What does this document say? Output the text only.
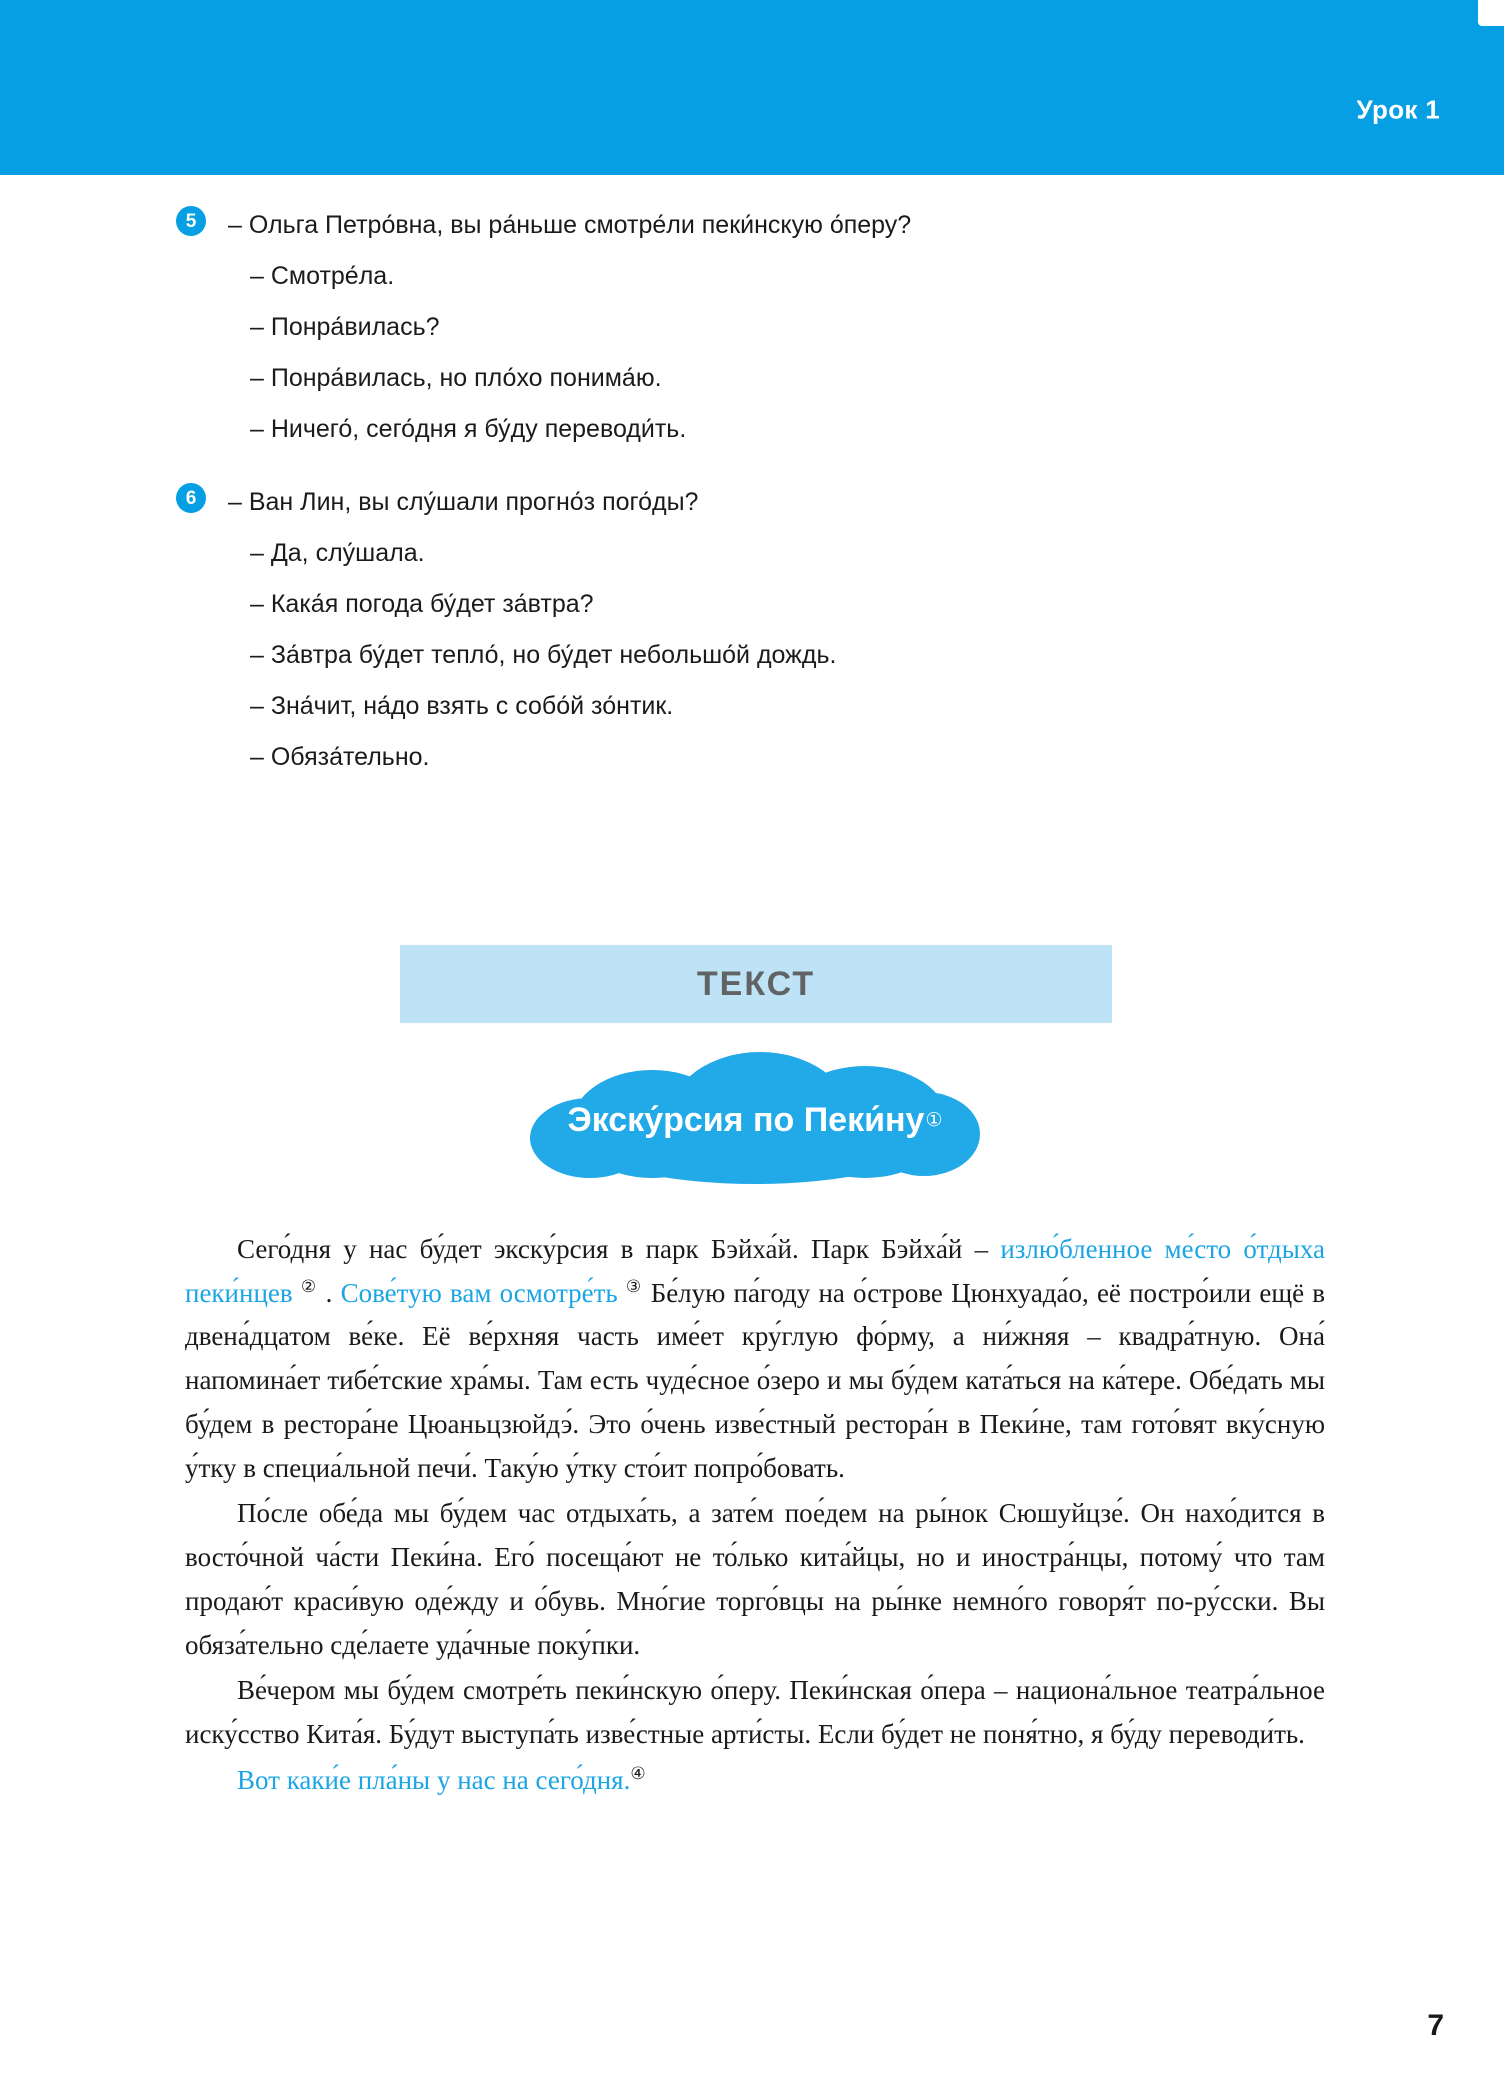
Урок 1
5	– Ольга Петро́вна, вы ра́ньше смотре́ли пеки́нскую о́перу?
– Смотре́ла.
– Понра́вилась?
– Понра́вилась, но пло́хо понима́ю.
– Ничего́, сего́дня я бу́ду переводи́ть.
6	– Ван Лин, вы слу́шали прогно́з пого́ды?
– Да, слу́шала.
– Кака́я погода бу́дет за́втра?
– За́втра бу́дет тепло́, но бу́дет небольшо́й дождь.
– Зна́чит, на́до взять с собо́й зо́нтик.
– Обяза́тельно.
ТЕКСТ
Экску́рсия по Пеки́ну ①

Сего́дня у нас бу́дет экску́рсия в парк Бэйха́й. Парк Бэйха́й – излю́бленное ме́сто о́тдыха пеки́нцев ② . Сове́тую вам осмотре́ть ③ Бе́лую па́году на о́строве Цюнхуада́о, её постро́или ещё в двена́дцатом ве́ке. Её ве́рхняя часть име́ет кру́глую фо́рму, а ни́жняя – квадра́тную. Она́ напомина́ет тибе́тские хра́мы. Там есть чуде́сное о́зеро и мы бу́дем ката́ться на ка́тере. Обе́дать мы бу́дем в рестора́не Цюаньцзюйдэ́. Это о́чень изве́стный рестора́н в Пеки́не, там гото́вят вку́сную у́тку в специа́льной печи́. Таку́ю у́тку сто́ит попро́бовать.

По́сле обе́да мы бу́дем час отдыха́ть, а зате́м пое́дем на ры́нок Сюшуйцзе́. Он нахо́дится в восто́чной ча́сти Пеки́на. Его́ посеща́ют не то́лько кита́йцы, но и иностра́нцы, потому́ что там продаю́т краси́вую оде́жду и о́бувь. Мно́гие торго́вцы на ры́нке немно́го говоря́т по-ру́сски. Вы обяза́тельно сде́лаете уда́чные поку́пки.

Ве́чером мы бу́дем смотре́ть пеки́нскую о́перу. Пеки́нская о́пера – национа́льное театра́льное иску́сство Кита́я. Бу́дут выступа́ть изве́стные арти́сты. Если бу́дет не поня́тно, я бу́ду переводи́ть.

Вот каки́е пла́ны у нас на сего́дня.④

7
